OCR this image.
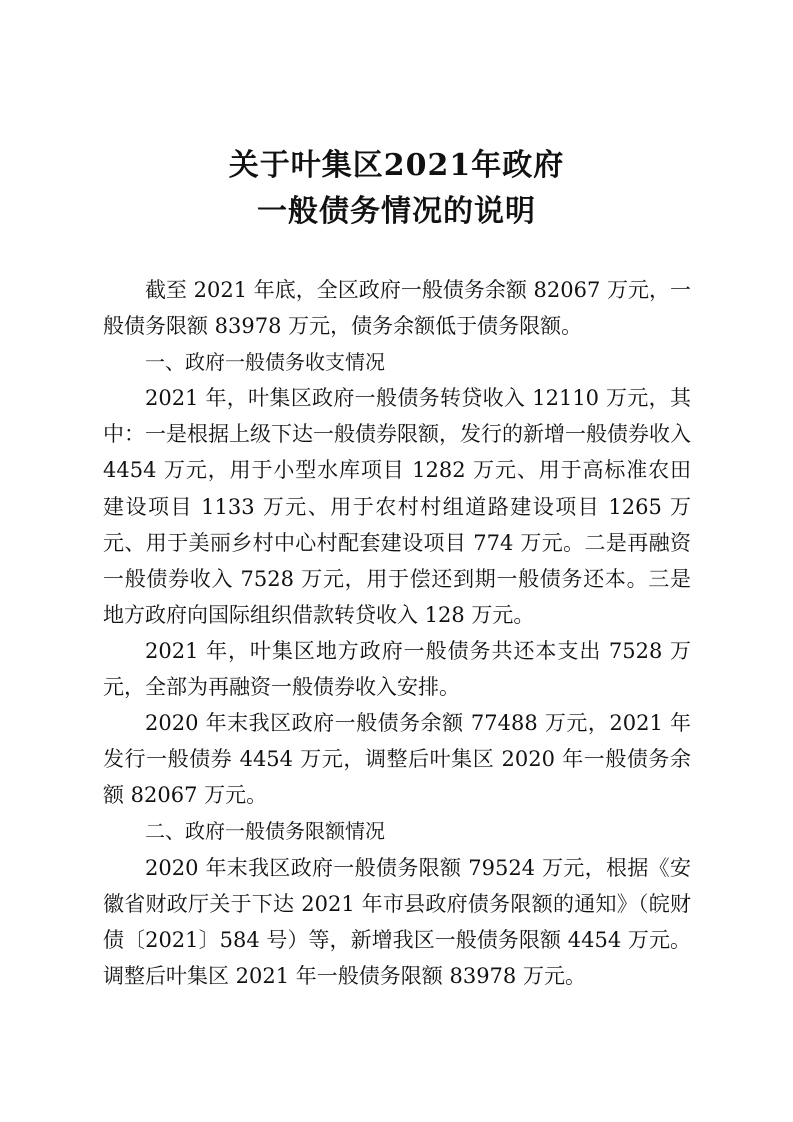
关于叶集区2021年政府
一般债务情况的说明

截至 2021 年底，全区政府一般债务余额 82067 万元，一般债务限额 83978 万元，债务余额低于债务限额。

一、政府一般债务收支情况

2021 年，叶集区政府一般债务转贷收入 12110 万元，其中：一是根据上级下达一般债券限额，发行的新增一般债券收入 4454 万元，用于小型水库项目 1282 万元、用于高标准农田建设项目 1133 万元、用于农村村组道路建设项目 1265 万元、用于美丽乡村中心村配套建设项目 774 万元。二是再融资一般债券收入 7528 万元，用于偿还到期一般债务还本。三是地方政府向国际组织借款转贷收入 128 万元。

2021 年，叶集区地方政府一般债务共还本支出 7528 万元，全部为再融资一般债券收入安排。

2020 年末我区政府一般债务余额 77488 万元，2021 年发行一般债券 4454 万元，调整后叶集区 2020 年一般债务余额 82067 万元。

二、政府一般债务限额情况

2020 年末我区政府一般债务限额 79524 万元，根据《安徽省财政厅关于下达 2021 年市县政府债务限额的通知》（皖财债〔2021〕584 号）等，新增我区一般债务限额 4454 万元。调整后叶集区 2021 年一般债务限额 83978 万元。
